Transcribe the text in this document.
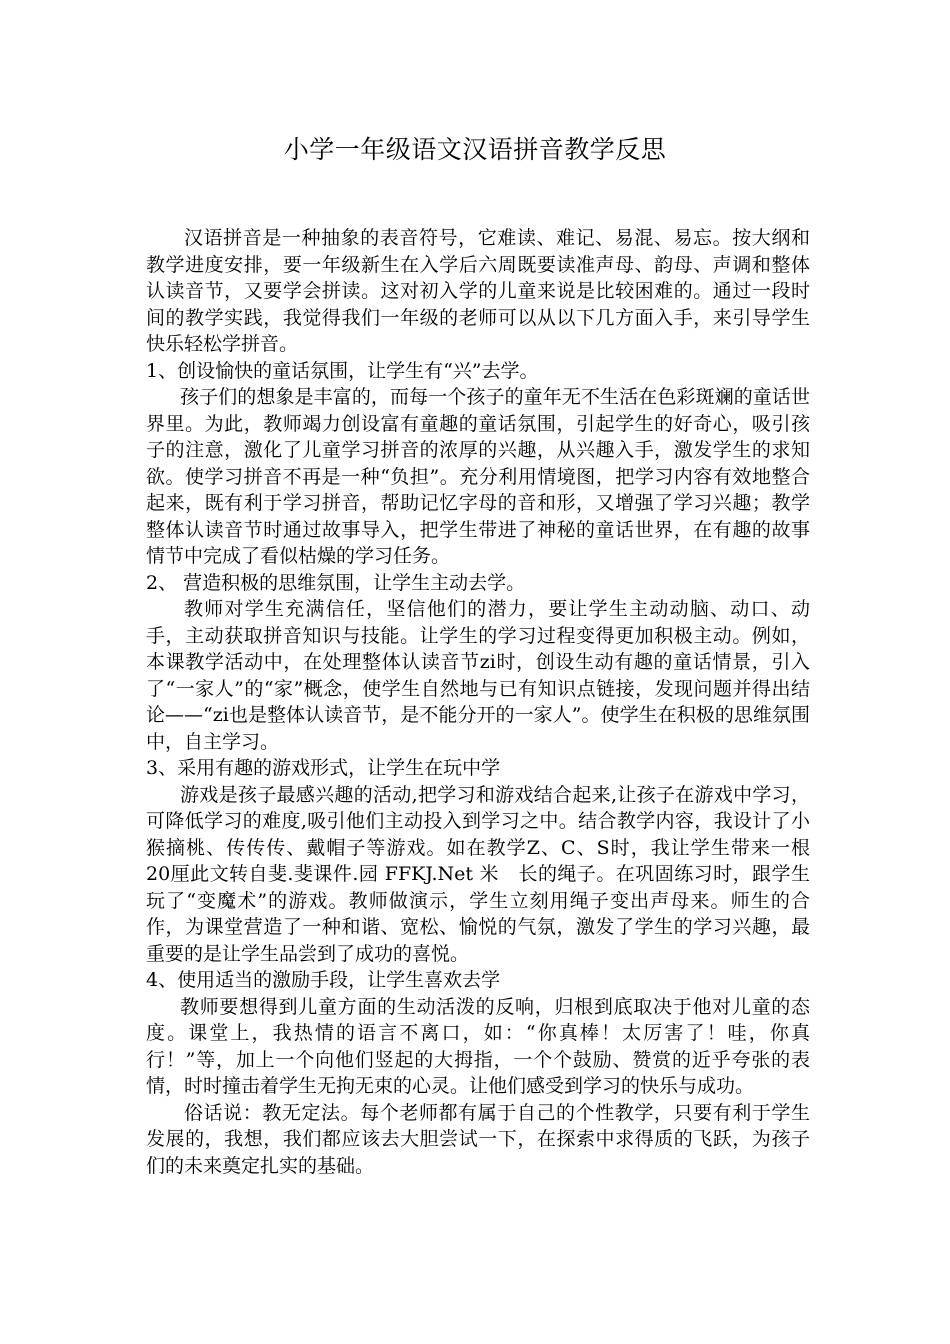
小学一年级语文汉语拼音教学反思

汉语拼音是一种抽象的表音符号，它难读、难记、易混、易忘。按大纲和教学进度安排，要一年级新生在入学后六周既要读准声母、韵母、声调和整体认读音节，又要学会拼读。这对初入学的儿童来说是比较困难的。通过一段时间的教学实践，我觉得我们一年级的老师可以从以下几方面入手，来引导学生快乐轻松学拼音。

1、创设愉快的童话氛围，让学生有“兴”去学。

孩子们的想象是丰富的，而每一个孩子的童年无不生活在色彩斑斓的童话世界里。为此，教师竭力创设富有童趣的童话氛围，引起学生的好奇心，吸引孩子的注意，激化了儿童学习拼音的浓厚的兴趣，从兴趣入手，激发学生的求知欲。使学习拼音不再是一种“负担”。充分利用情境图，把学习内容有效地整合起来，既有利于学习拼音，帮助记忆字母的音和形，又增强了学习兴趣；教学整体认读音节时通过故事导入，把学生带进了神秘的童话世界，在有趣的故事情节中完成了看似枯燥的学习任务。

2、 营造积极的思维氛围，让学生主动去学。

教师对学生充满信任，坚信他们的潜力，要让学生主动动脑、动口、动手，主动获取拼音知识与技能。让学生的学习过程变得更加积极主动。例如，本课教学活动中，在处理整体认读音节zi时，创设生动有趣的童话情景，引入了“一家人”的“家”概念，使学生自然地与已有知识点链接，发现问题并得出结论——“zi也是整体认读音节，是不能分开的一家人”。使学生在积极的思维氛围中，自主学习。

3、采用有趣的游戏形式，让学生在玩中学

游戏是孩子最感兴趣的活动,把学习和游戏结合起来,让孩子在游戏中学习，可降低学习的难度,吸引他们主动投入到学习之中。结合教学内容，我设计了小猴摘桃、传传传、戴帽子等游戏。如在教学Z、C、S时，我让学生带来一根　20厘此文转自斐.斐课件.园 FFKJ.Net 米　长的绳子。在巩固练习时，跟学生玩了“变魔术”的游戏。教师做演示，学生立刻用绳子变出声母来。师生的合作，为课堂营造了一种和谐、宽松、愉悦的气氛，激发了学生的学习兴趣，最重要的是让学生品尝到了成功的喜悦。

4、使用适当的激励手段，让学生喜欢去学

教师要想得到儿童方面的生动活泼的反响，归根到底取决于他对儿童的态度。课堂上，我热情的语言不离口，如：“你真棒！太厉害了！哇，你真行！”等，加上一个向他们竖起的大拇指，一个个鼓励、赞赏的近乎夸张的表情，时时撞击着学生无拘无束的心灵。让他们感受到学习的快乐与成功。

俗话说：教无定法。每个老师都有属于自己的个性教学，只要有利于学生发展的，我想，我们都应该去大胆尝试一下，在探索中求得质的飞跃，为孩子们的未来奠定扎实的基础。
